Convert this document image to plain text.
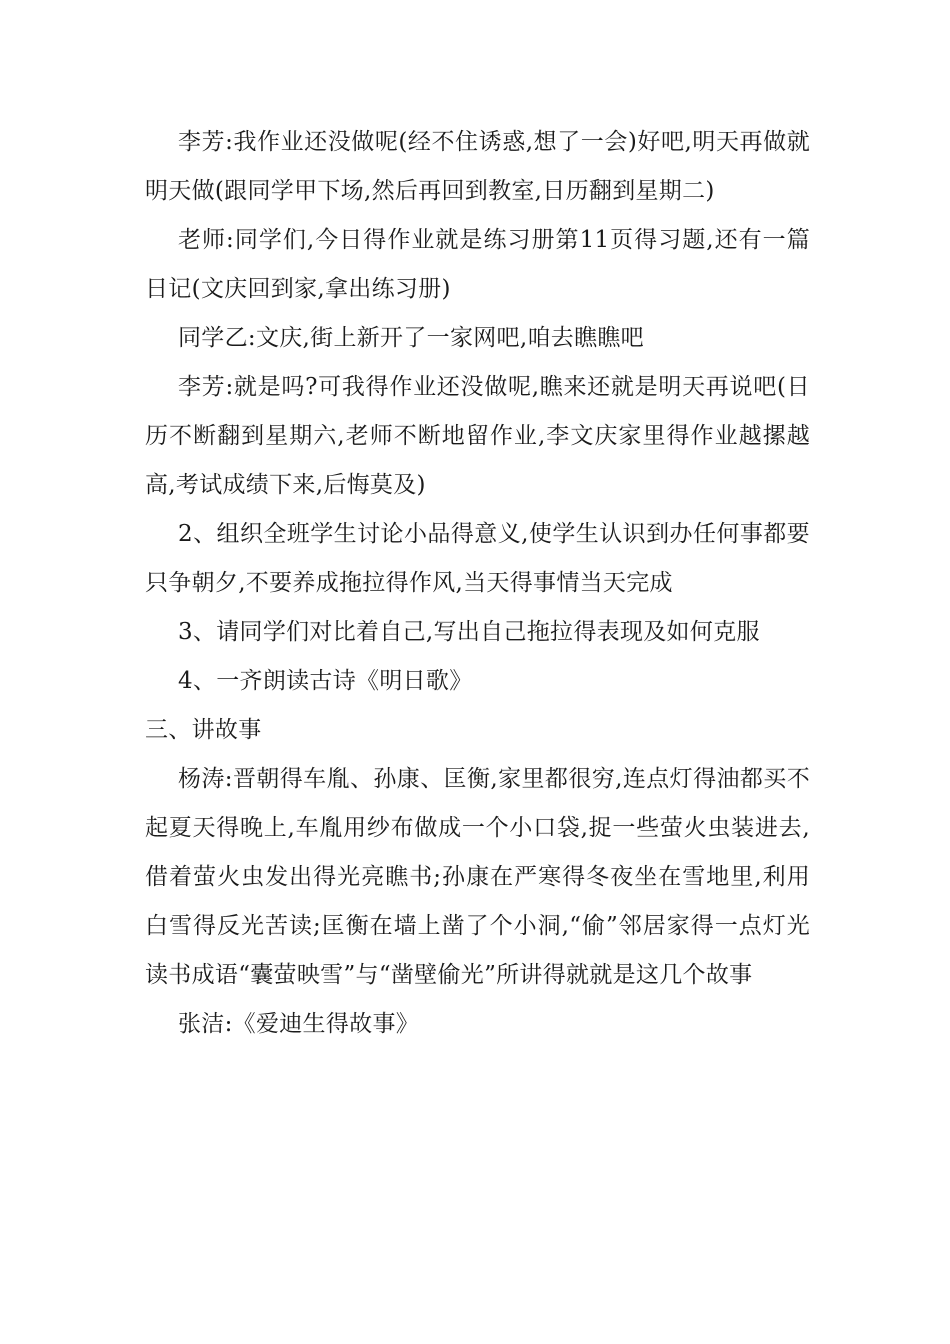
李芳:我作业还没做呢(经不住诱惑,想了一会)好吧,明天再做就明天做(跟同学甲下场,然后再回到教室,日历翻到星期二)

老师:同学们,今日得作业就是练习册第11页得习题,还有一篇日记(文庆回到家,拿出练习册)

同学乙:文庆,街上新开了一家网吧,咱去瞧瞧吧

李芳:就是吗?可我得作业还没做呢,瞧来还就是明天再说吧(日历不断翻到星期六,老师不断地留作业,李文庆家里得作业越摞越高,考试成绩下来,后悔莫及)

2、组织全班学生讨论小品得意义,使学生认识到办任何事都要只争朝夕,不要养成拖拉得作风,当天得事情当天完成

3、请同学们对比着自己,写出自己拖拉得表现及如何克服

4、一齐朗读古诗《明日歌》

三、讲故事

杨涛:晋朝得车胤、孙康、匡衡,家里都很穷,连点灯得油都买不起夏天得晚上,车胤用纱布做成一个小口袋,捉一些萤火虫装进去,借着萤火虫发出得光亮瞧书;孙康在严寒得冬夜坐在雪地里,利用白雪得反光苦读;匡衡在墙上凿了个小洞,“偷”邻居家得一点灯光读书成语“囊萤映雪”与“凿壁偷光”所讲得就就是这几个故事

张洁:《爱迪生得故事》
